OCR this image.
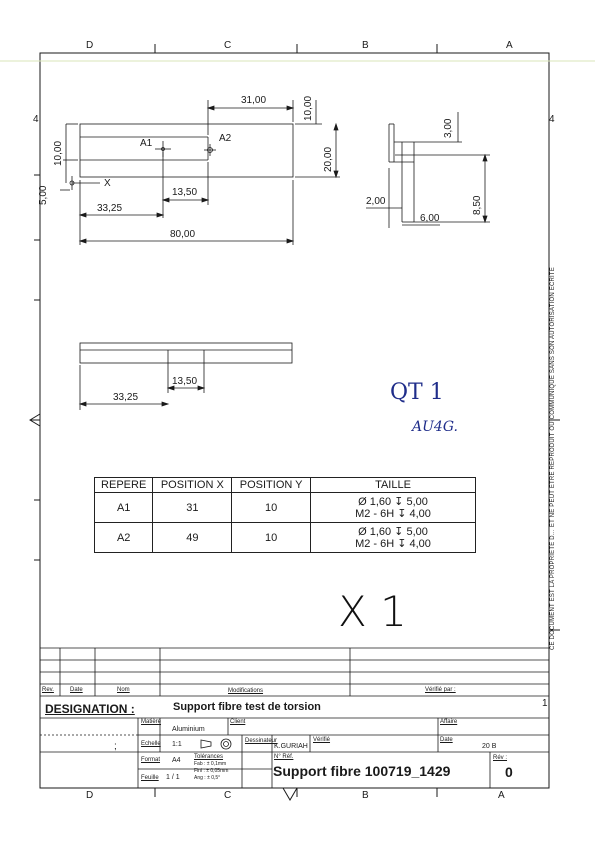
D	C	B	A
D	C	B	A
4	4
1
CE DOCUMENT EST LA PROPRIETE D… ET NE PEUT ETRE REPRODUIT OU COMMUNIQUE SANS SON AUTORISATION ECRITE
A1	A2
X
31,00	10,00
20,00
10,00
5,00	13,50
33,25
80,00
3,00
2,00
6,00
8,50
13,50
33,25	QT 1
AU4G.
X 1
REPERE	POSITION X	POSITION Y	TAILLE
A1	31	10	Ø 1,60 ↧ 5,00
M2 - 6H ↧ 4,00

A2	49	10	Ø 1,60 ↧ 5,00
M2 - 6H ↧ 4,00
Rev.	Date	Nom	Modifications	Vérifié par :
DESIGNATION :	Support fibre test de torsion
Matière
Aluminium
Client	Affaire
;	Echelle 1:1	Dessinateur
K.GURIAH
Vérifié	Date
20 B
Format A4 Tolérances
Fab : ± 0,1mm
Fini : ± 0,05mm
Ang : ± 0,5°
Feuille 1 / 1
N° Réf.
Support fibre 100719_1429
Rév :
0
